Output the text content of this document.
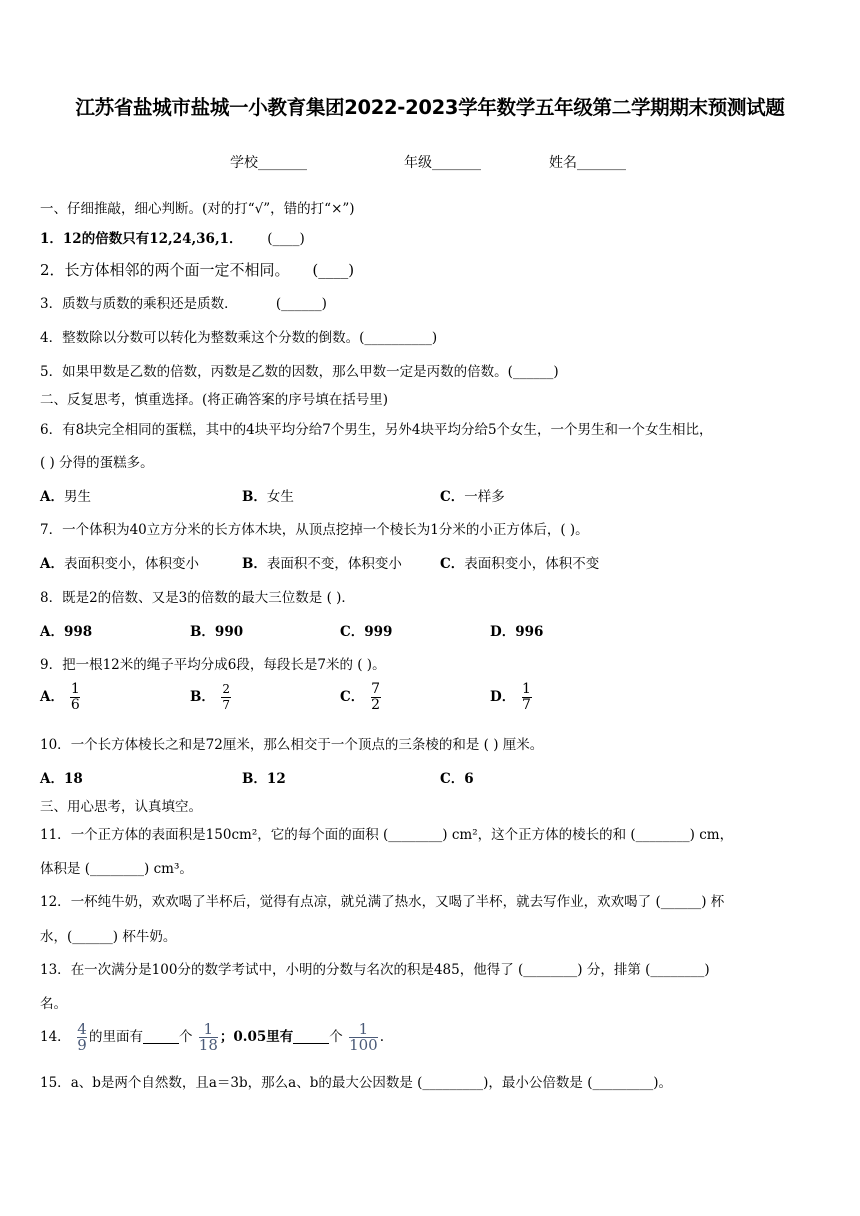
江苏省盐城市盐城一小教育集团2022-2023学年数学五年级第二学期期末预测试题
学校_______	年级_______	姓名_______
一、仔细推敲，细心判断。(对的打“√”，错的打“×”)
1．12的倍数只有12,24,36,1． (____)
2．长方体相邻的两个面一定不相同。 (____)
3．质数与质数的乘积还是质数．	(______)
4．整数除以分数可以转化为整数乘这个分数的倒数。(__________)
5．如果甲数是乙数的倍数，丙数是乙数的因数，那么甲数一定是丙数的倍数。(______)
二、反复思考，慎重选择。(将正确答案的序号填在括号里)
6．有8块完全相同的蛋糕，其中的4块平均分给7个男生，另外4块平均分给5个女生，一个男生和一个女生相比，
( ) 分得的蛋糕多。
A．男生	B．女生	C．一样多
7．一个体积为40立方分米的长方体木块，从顶点挖掉一个棱长为1分米的小正方体后，( )。
A．表面积变小，体积变小	B．表面积不变，体积变小	C．表面积变小，体积不变
8．既是2的倍数、又是3的倍数的最大三位数是 ( )．
A．998	B．990	C．999	D．996
9．把一根12米的绳子平均分成6段，每段长是7米的 ( )。
A． $\frac{1}{6}$	B． $\frac{2}{7}$	C． $\frac{7}{2}$	D． $\frac{1}{7}$
10．一个长方体棱长之和是72厘米，那么相交于一个顶点的三条棱的和是 ( ) 厘米。
A．18	B．12	C．6
三、用心思考，认真填空。
11．一个正方体的表面积是150cm²，它的每个面的面积 (________) cm²，这个正方体的棱长的和 (________) cm，
体积是 (________) cm³。
12．一杯纯牛奶，欢欢喝了半杯后，觉得有点凉，就兑满了热水，又喝了半杯，就去写作业，欢欢喝了 (______) 杯
水，(______) 杯牛奶。
13．在一次满分是100分的数学考试中，小明的分数与名次的积是485，他得了 (________) 分，排第 (________)
名。
14． $\frac{4}{9}$ 的里面有	个 $\frac{1}{18}$ ；0.05里有	个 $\frac{1}{100}$ .
15．a、b是两个自然数，且a＝3b，那么a、b的最大公因数是 (_________)，最小公倍数是 (_________)。
